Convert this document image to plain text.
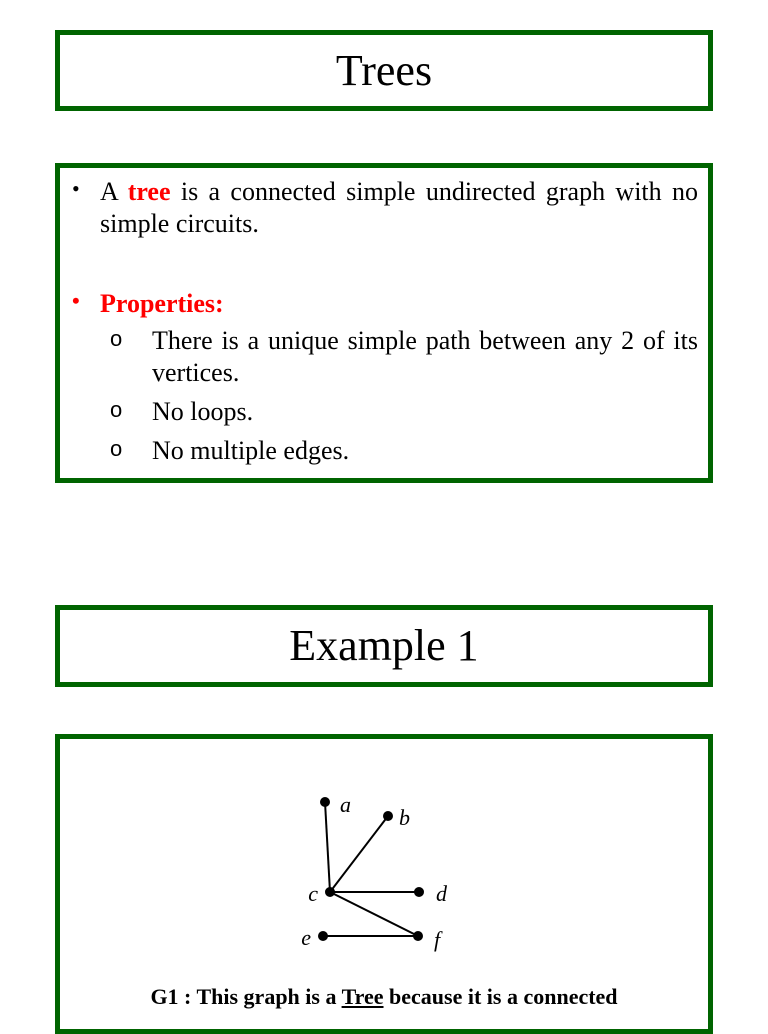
Trees
• A tree is a connected simple undirected graph with no simple circuits.
• Properties:
o There is a unique simple path between any 2 of its vertices.
o No loops.
o No multiple edges.
Example 1
a
b
c	d
e	f
G1 : This graph is a Tree because it is a connected
